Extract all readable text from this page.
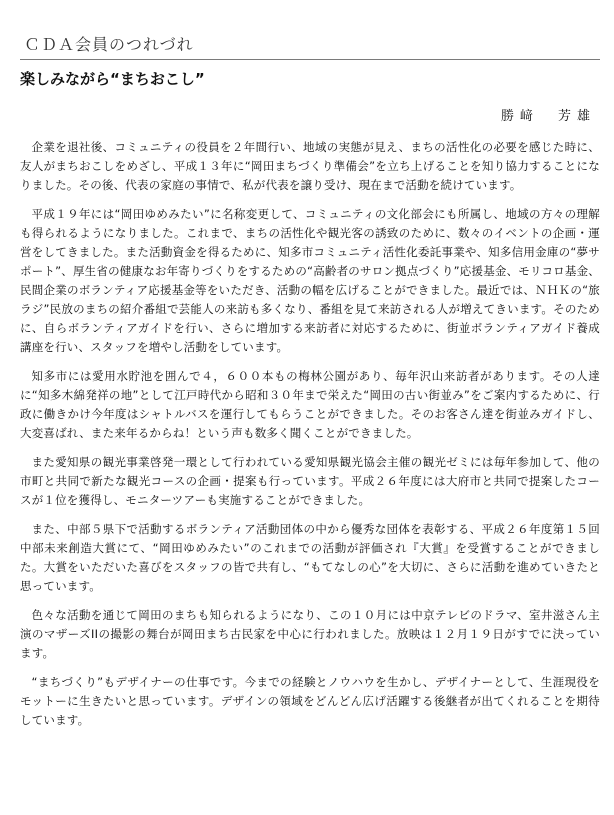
ＣＤＡ会員のつれづれ
楽しみながら“まちおこし”
勝﨑　芳雄

企業を退社後、コミュニティの役員を２年間行い、地域の実態が見え、まちの活性化の必要を感じた時に、友人がまちおこしをめざし、平成１３年に“岡田まちづくり準備会”を立ち上げることを知り協力することになりました。その後、代表の家庭の事情で、私が代表を譲り受け、現在まで活動を続けています。

平成１９年には“岡田ゆめみたい”に名称変更して、コミュニティの文化部会にも所属し、地域の方々の理解も得られるようになりました。これまで、まちの活性化や観光客の誘致のために、数々のイベントの企画・運営をしてきました。また活動資金を得るために、知多市コミュニティ活性化委託事業や、知多信用金庫の“夢サポート”、厚生省の健康なお年寄りづくりをするための“高齢者のサロン拠点づくり”応援基金、モリコロ基金、民間企業のボランティア応援基金等をいただき、活動の幅を広げることができました。最近では、ＮＨＫの“旅ラジ”民放のまちの紹介番組で芸能人の来訪も多くなり、番組を見て来訪される人が増えてきいます。そのために、自らボランティアガイドを行い、さらに増加する来訪者に対応するために、街並ボランティアガイド養成講座を行い、スタッフを増やし活動をしています。

知多市には愛用水貯池を囲んで４，６００本もの梅林公園があり、毎年沢山来訪者があります。その人達に“知多木綿発祥の地”として江戸時代から昭和３０年まで栄えた“岡田の古い街並み”をご案内するために、行政に働きかけ今年度はシャトルバスを運行してもらうことができました。そのお客さん達を街並みガイドし、大変喜ばれ、また来年るからね！という声も数多く聞くことができました。

また愛知県の観光事業啓発一環として行われている愛知県観光協会主催の観光ゼミには毎年参加して、他の市町と共同で新たな観光コースの企画・提案も行っています。平成２６年度には大府市と共同で提案したコースが１位を獲得し、モニターツアーも実施することができました。

また、中部５県下で活動するボランティア活動団体の中から優秀な団体を表彰する、平成２６年度第１５回中部未来創造大賞にて、“岡田ゆめみたい”のこれまでの活動が評価され『大賞』を受賞することができました。大賞をいただいた喜びをスタッフの皆で共有し、“もてなしの心”を大切に、さらに活動を進めていきたと思っています。

色々な活動を通じて岡田のまちも知られるようになり、この１０月には中京テレビのドラマ、室井滋さん主演のマザーズIIの撮影の舞台が岡田まち古民家を中心に行われました。放映は１２月１９日がすでに決っています。

“まちづくり”もデザイナーの仕事です。今までの経験とノウハウを生かし、デザイナーとして、生涯現役をモットーに生きたいと思っています。デザインの領域をどんどん広げ活躍する後継者が出てくれることを期待しています。
